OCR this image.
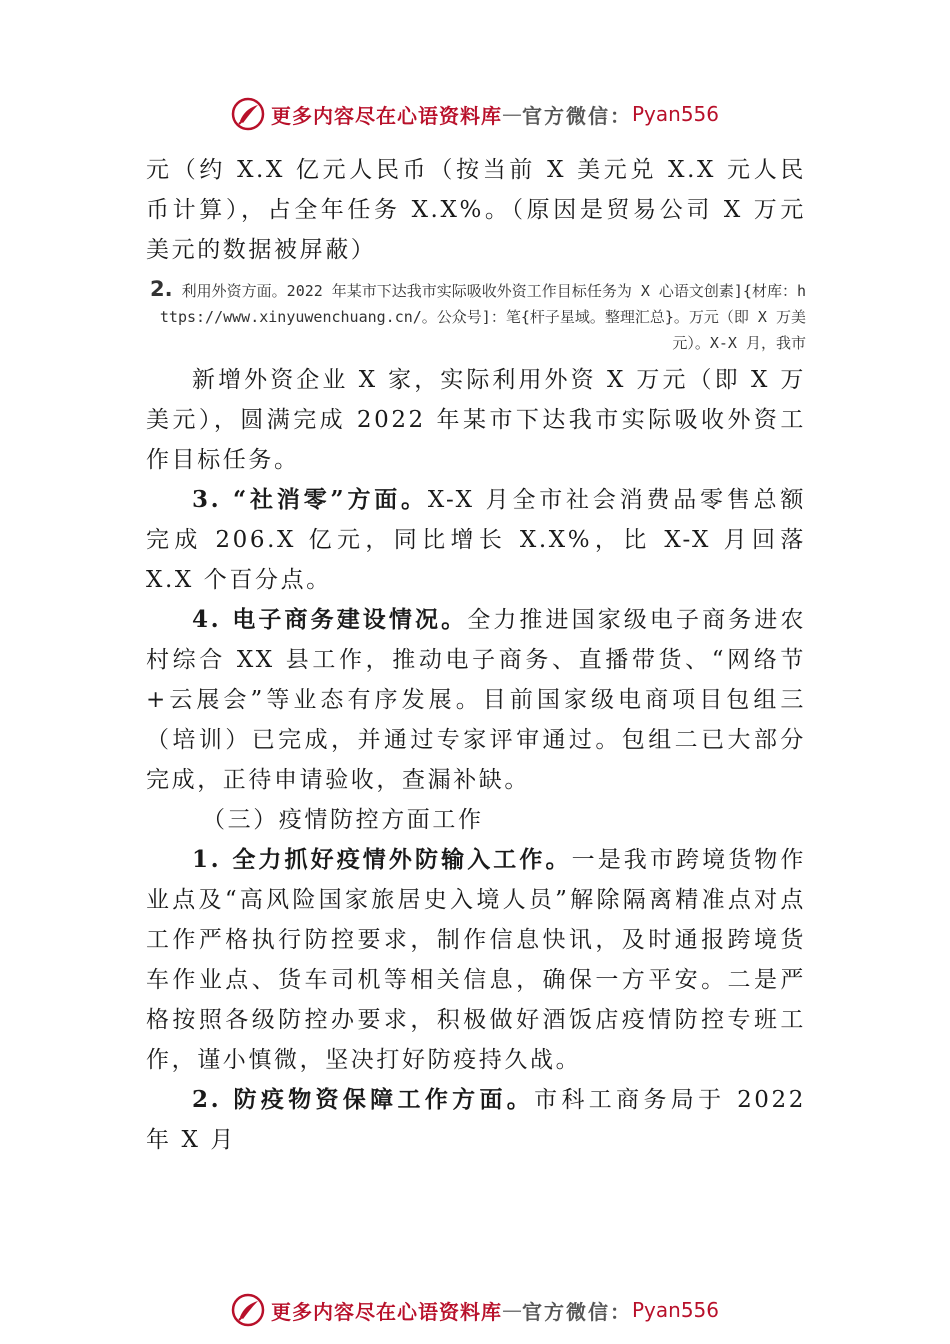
更多内容尽在心语资料库 — 官方微信： Pyan556

元（约 X.X 亿元人民币（按当前 X 美元兑 X.X 元人民币计算），占全年任务 X.X%。（原因是贸易公司 X 万元美元的数据被屏蔽）

2. 利用外资方面。2022 年某市下达我市实际吸收外资工作目标任务为 X 心语文创素]{材库：https://www.xinyuwenchuang.cn/。公众号]：笔{杆子星域。整理汇总}。万元（即 X 万美元）。X-X 月，我市

新增外资企业 X 家，实际利用外资 X 万元（即 X 万美元），圆满完成 2022 年某市下达我市实际吸收外资工作目标任务。

3. “社消零”方面。X-X 月全市社会消费品零售总额完成 206.X 亿元，同比增长 X.X%，比 X-X 月回落 X.X 个百分点。

4. 电子商务建设情况。全力推进国家级电子商务进农村综合 XX 县工作，推动电子商务、直播带货、“网络节+云展会”等业态有序发展。目前国家级电商项目包组三（培训）已完成，并通过专家评审通过。包组二已大部分完成，正待申请验收，查漏补缺。

（三）疫情防控方面工作

1. 全力抓好疫情外防输入工作。一是我市跨境货物作业点及“高风险国家旅居史入境人员”解除隔离精准点对点工作严格执行防控要求，制作信息快讯，及时通报跨境货车作业点、货车司机等相关信息，确保一方平安。二是严格按照各级防控办要求，积极做好酒饭店疫情防控专班工作，谨小慎微，坚决打好防疫持久战。

2. 防疫物资保障工作方面。市科工商务局于 2022 年 X 月

更多内容尽在心语资料库 — 官方微信： Pyan556
